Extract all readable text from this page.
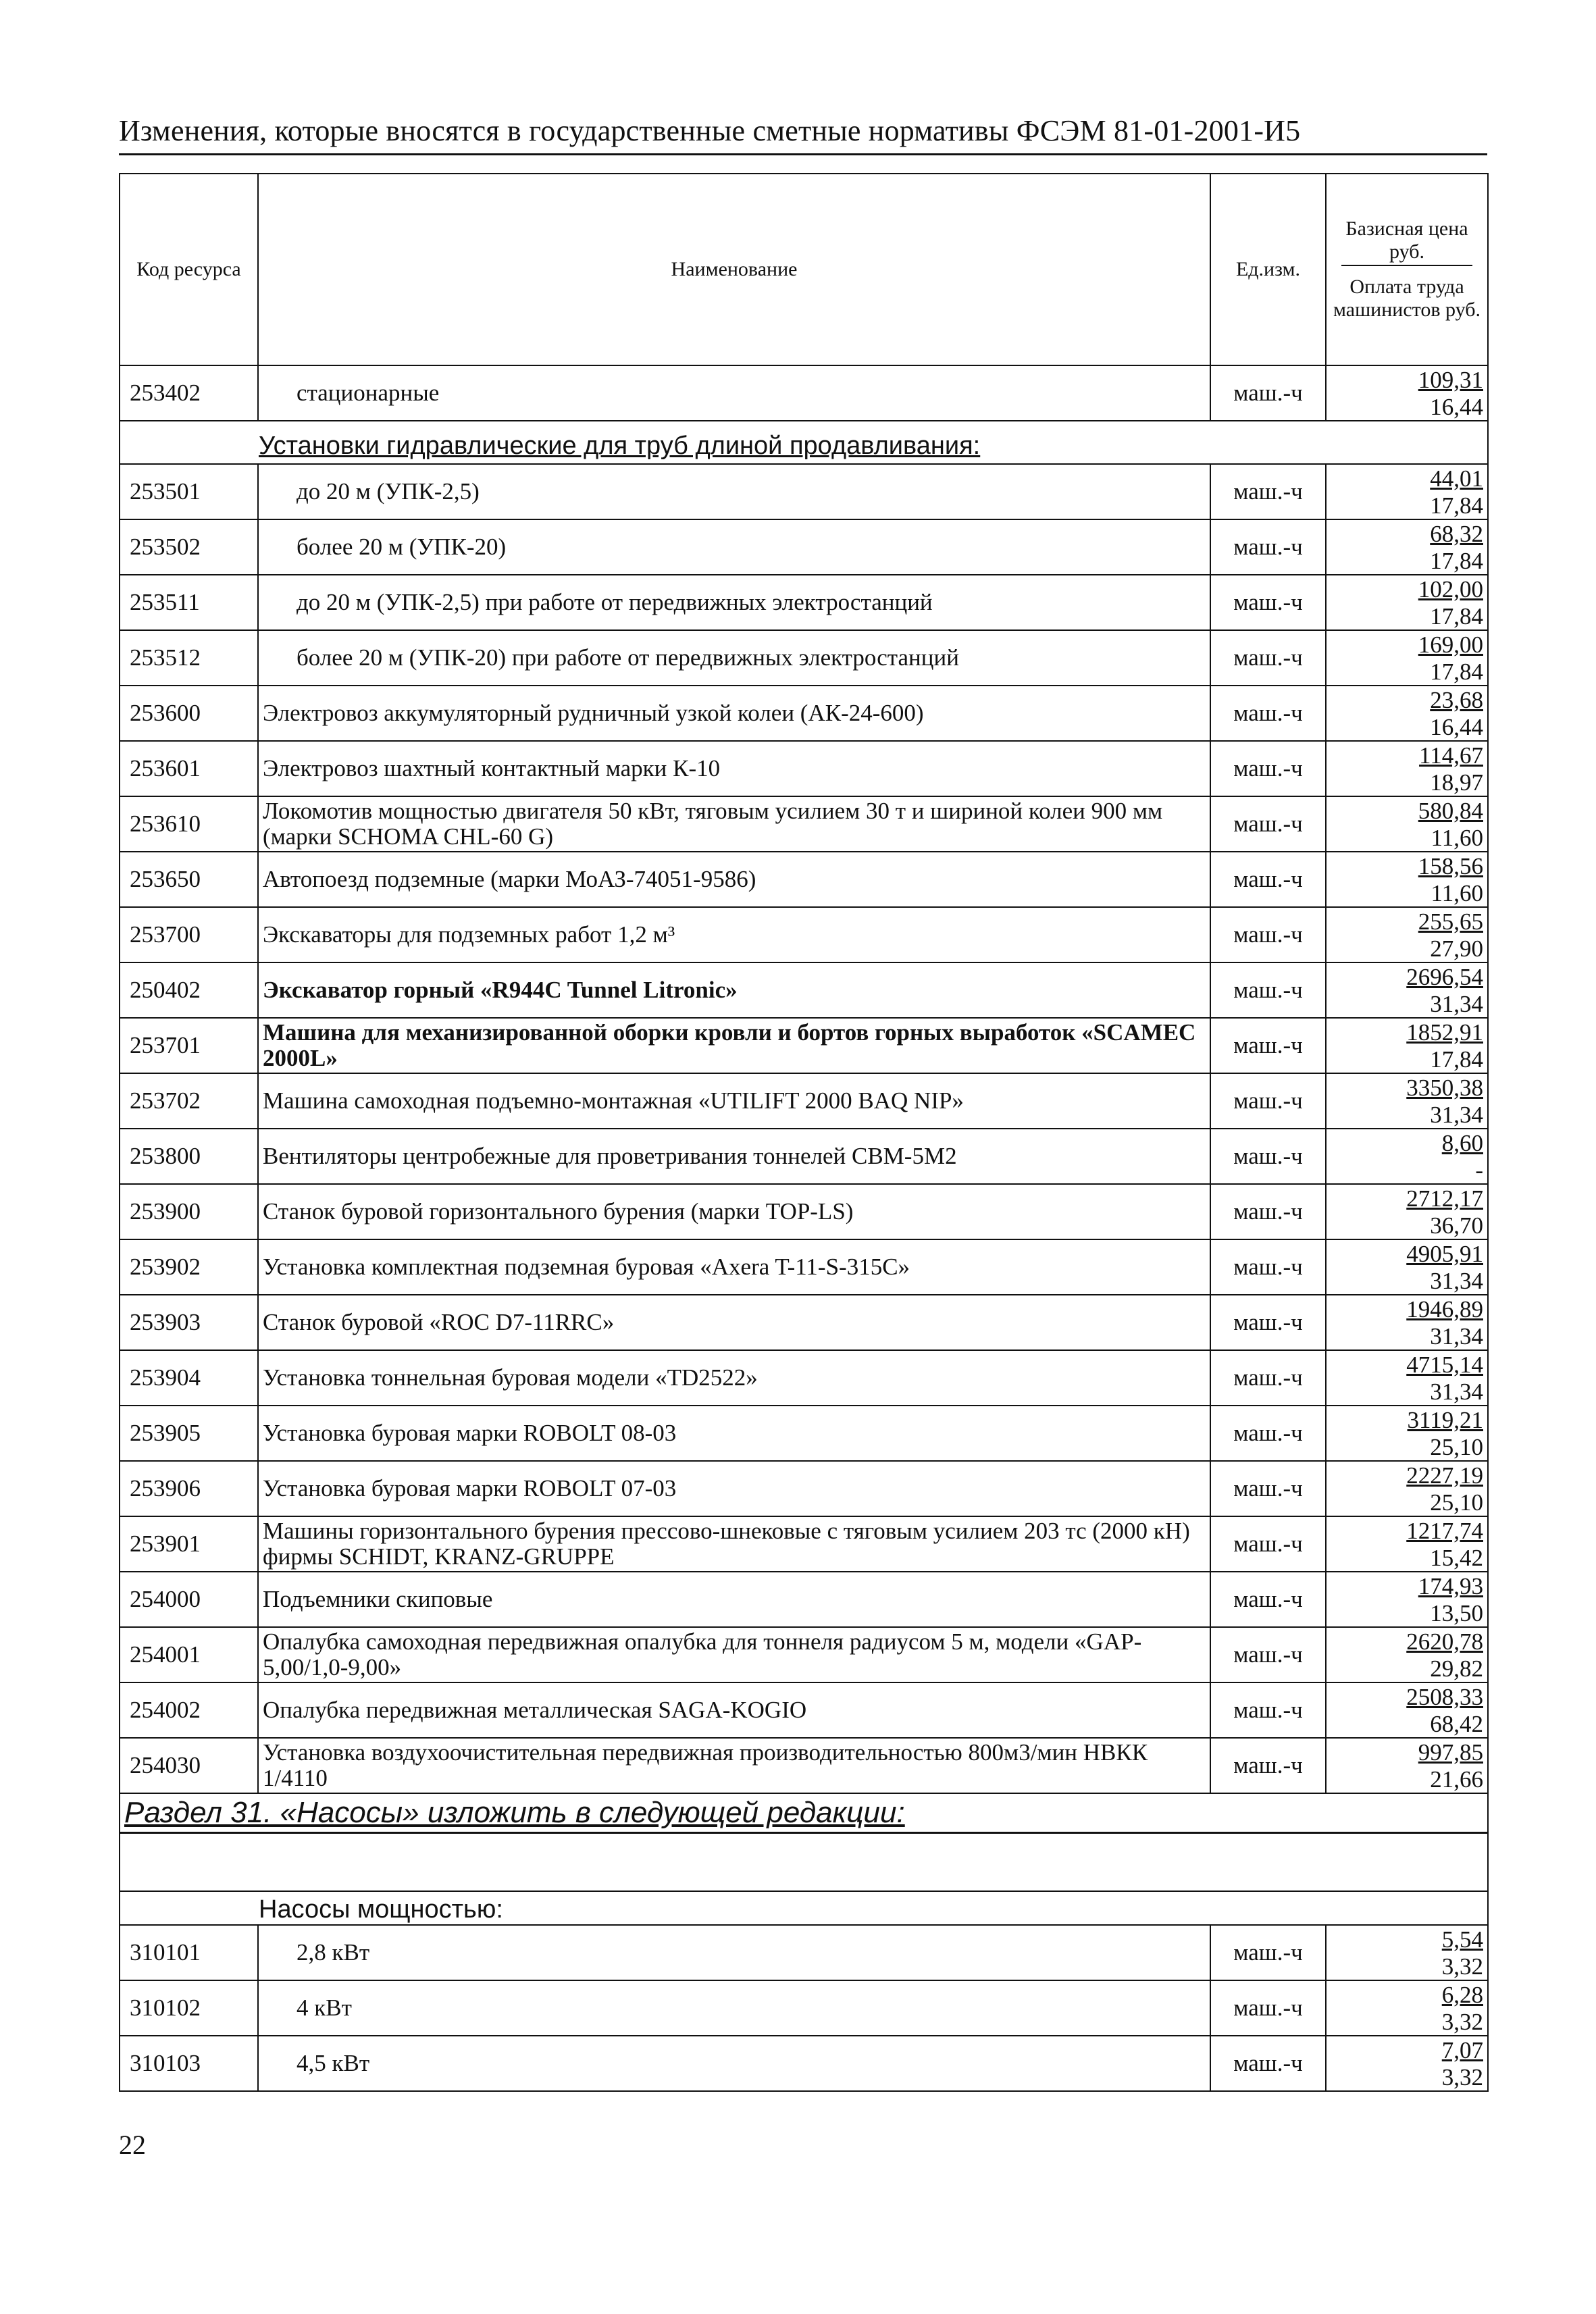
Изменения, которые вносятся в государственные сметные нормативы ФСЭМ 81-01-2001-И5
Код ресурса	Наименование	Ед.изм.	Базисная цена руб.
Оплата труда машинистов руб.
253402	стационарные	маш.-ч	109,31
16,44

Установки гидравлические для труб длиной продавливания:			
253501	до 20 м (УПК-2,5)	маш.-ч	44,01
17,84

253502	более 20 м (УПК-20)	маш.-ч	68,32
17,84

253511	до 20 м (УПК-2,5) при работе от передвижных электростанций	маш.-ч	102,00
17,84

253512	более 20 м (УПК-20) при работе от передвижных электростанций	маш.-ч	169,00
17,84

253600	Электровоз аккумуляторный рудничный узкой колеи (АК-24-600)	маш.-ч	23,68
16,44

253601	Электровоз шахтный контактный марки К-10	маш.-ч	114,67
18,97

253610	Локомотив мощностью двигателя 50 кВт, тяговым усилием 30 т и шириной колеи 900 мм (марки SCHOMA CHL-60 G)	маш.-ч	580,84
11,60

253650	Автопоезд подземные (марки МоАЗ-74051-9586)	маш.-ч	158,56
11,60

253700	Экскаваторы для подземных работ 1,2 м³	маш.-ч	255,65
27,90

250402	Экскаватор горный «R944C Tunnel Litronic»	маш.-ч	2696,54
31,34

253701	Машина для механизированной оборки кровли и бортов горных выработок «SCAMEC 2000L»	маш.-ч	1852,91
17,84

253702	Машина самоходная подъемно-монтажная «UTILIFT 2000 BAQ NIP»	маш.-ч	3350,38
31,34

253800	Вентиляторы центробежные для проветривания тоннелей СВМ-5М2	маш.-ч	8,60
-

253900	Станок буровой горизонтального бурения (марки TOP-LS)	маш.-ч	2712,17
36,70

253902	Установка комплектная подземная буровая «Axera T-11-S-315C»	маш.-ч	4905,91
31,34

253903	Станок буровой «ROC D7-11RRC»	маш.-ч	1946,89
31,34

253904	Установка тоннельная буровая модели «TD2522»	маш.-ч	4715,14
31,34

253905	Установка буровая марки ROBOLT 08-03	маш.-ч	3119,21
25,10

253906	Установка буровая марки ROBOLT 07-03	маш.-ч	2227,19
25,10

253901	Машины горизонтального бурения прессово-шнековые с тяговым усилием 203 тс (2000 кН) фирмы SCHIDT, KRANZ-GRUPPE	маш.-ч	1217,74
15,42

254000	Подъемники скиповые	маш.-ч	174,93
13,50

254001	Опалубка самоходная передвижная опалубка для тоннеля радиусом 5 м, модели «GAP-5,00/1,0-9,00»	маш.-ч	2620,78
29,82

254002	Опалубка передвижная металлическая SAGA-KOGIO	маш.-ч	2508,33
68,42

254030	Установка воздухоочистительная передвижная производительностью 800м3/мин НВКК 1/4110	маш.-ч	997,85
21,66

Раздел 31. «Насосы» изложить в следующей редакции:			

Насосы мощностью:			
310101	2,8 кВт	маш.-ч	5,54
3,32

310102	4 кВт	маш.-ч	6,28
3,32

310103	4,5 кВт	маш.-ч	7,07
3,32
22
